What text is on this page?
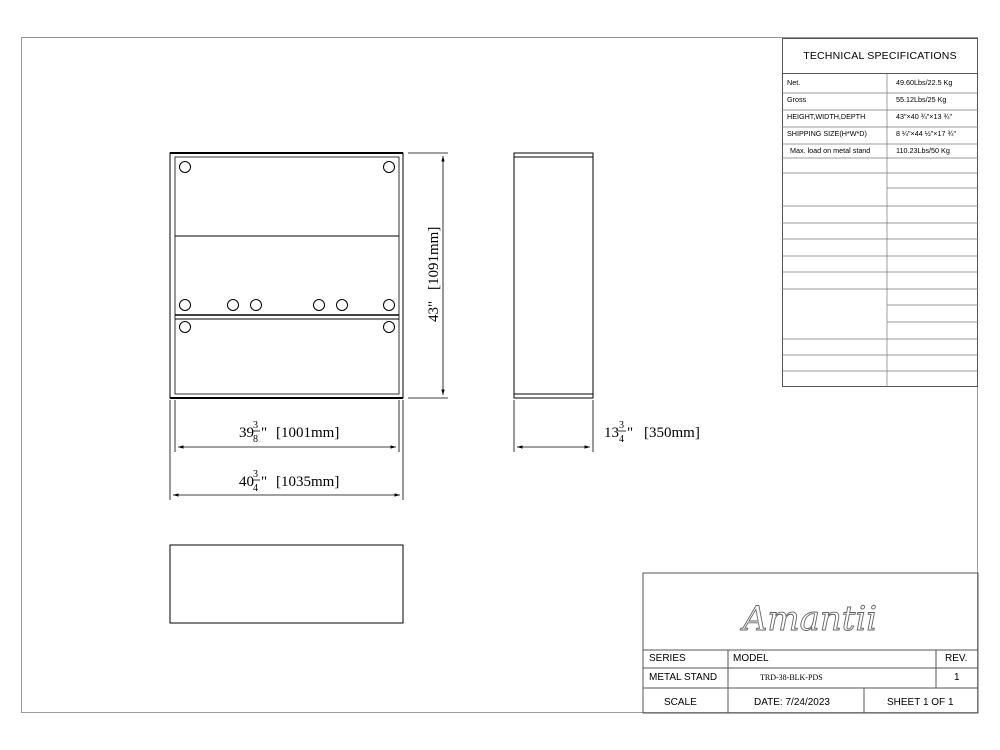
39 3
8 " [1001mm]
40 3
4 " [1035mm]
13 3
4 " [350mm]
43"
[1091mm]
Amantii
TECHNICAL SPECIFICATIONS
Net.	49.60Lbs/22.5 Kg
Gross	55.12Lbs/25 Kg
HEIGHT,WIDTH,DEPTH	43"×40 ¾"×13 ¾"
SHIPPING SIZE(H*W*D)	8 ¼"×44 ½"×17 ¾"
Max. load on metal stand	110.23Lbs/50 Kg
SERIES	MODEL	REV.
METAL STAND	TRD-38-BLK-PDS	1
SCALE	DATE: 7/24/2023	SHEET 1 OF 1
